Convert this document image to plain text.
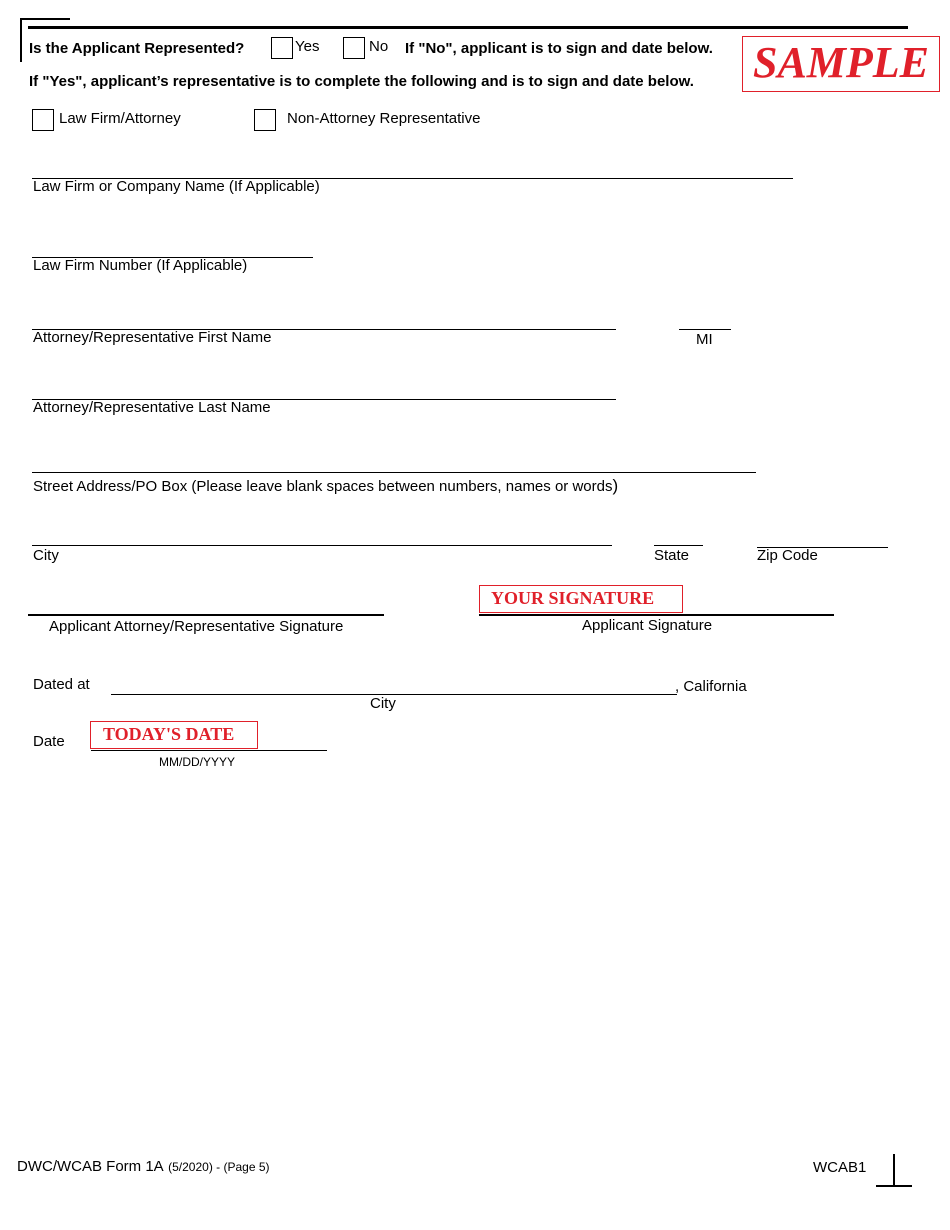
Is the Applicant Represented?	Yes	No If "No", applicant is to sign and date below.
If "Yes", applicant’s representative is to complete the following and is to sign and date below. SAMPLE
Law Firm/Attorney	Non-Attorney Representative
Law Firm or Company Name (If Applicable)
Law Firm Number (If Applicable)
Attorney/Representative First Name	MI
Attorney/Representative Last Name
Street Address/PO Box (Please leave blank spaces between numbers, names or words)
City	State	Zip Code
YOUR SIGNATURE
Applicant Attorney/Representative Signature	Applicant Signature
Dated at	, California
City
Date	TODAY'S DATE
MM/DD/YYYY
DWC/WCAB Form 1A (5/2020) - (Page 5)	WCAB1
